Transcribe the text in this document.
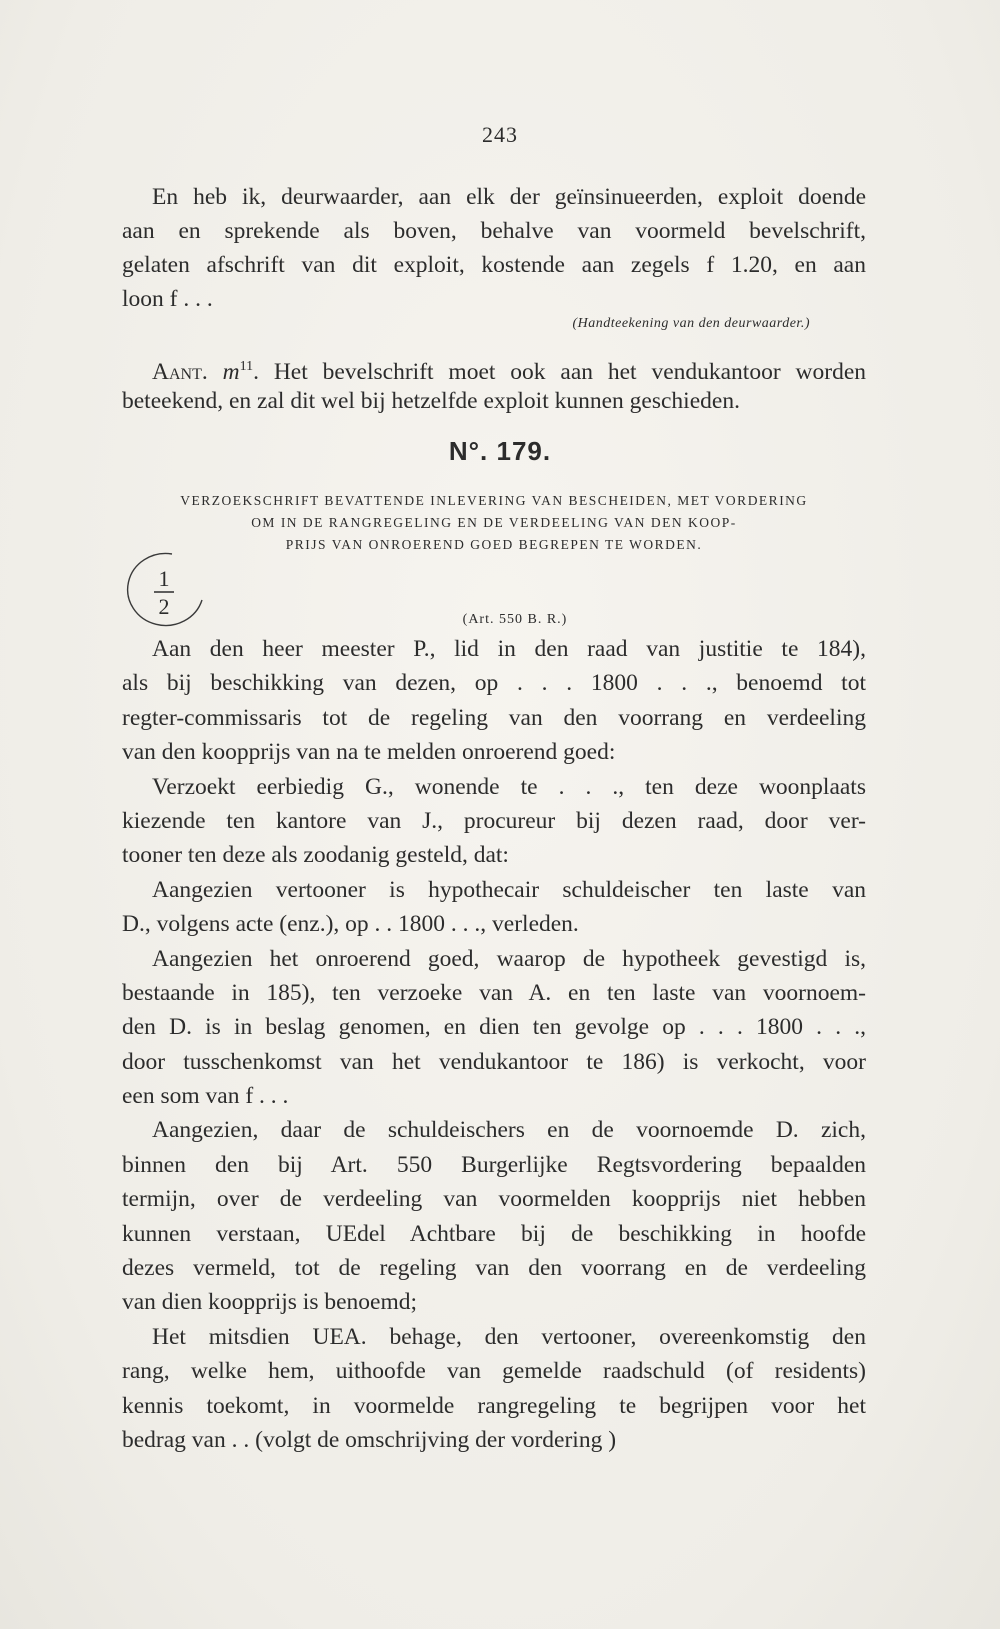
243
En heb ik, deurwaarder, aan elk der geïnsinueerden, exploit doende
aan en sprekende als boven, behalve van voormeld bevelschrift,
gelaten afschrift van dit exploit, kostende aan zegels f 1.20, en aan
loon f . . .
(Handteekening van den deurwaarder.)
Aant. $m^{11}$. Het bevelschrift moet ook aan het vendukantoor worden
beteekend, en zal dit wel bij hetzelfde exploit kunnen geschieden.
N°. 179.
VERZOEKSCHRIFT BEVATTENDE INLEVERING VAN BESCHEIDEN, MET VORDERING
OM IN DE RANGREGELING EN DE VERDEELING VAN DEN KOOP-
PRIJS VAN ONROEREND GOED BEGREPEN TE WORDEN.
1
2
(Art. 550 B. R.)
Aan den heer meester P., lid in den raad van justitie te 184),
als bij beschikking van dezen, op . . . 1800 . . ., benoemd tot
regter-commissaris tot de regeling van den voorrang en verdeeling
van den koopprijs van na te melden onroerend goed:
Verzoekt eerbiedig G., wonende te . . ., ten deze woonplaats
kiezende ten kantore van J., procureur bij dezen raad, door ver-
tooner ten deze als zoodanig gesteld, dat:
Aangezien vertooner is hypothecair schuldeischer ten laste van
D., volgens acte (enz.), op . . 1800 . . ., verleden.
Aangezien het onroerend goed, waarop de hypotheek gevestigd is,
bestaande in 185), ten verzoeke van A. en ten laste van voornoem-
den D. is in beslag genomen, en dien ten gevolge op . . . 1800 . . .,
door tusschenkomst van het vendukantoor te 186) is verkocht, voor
een som van f . . .
Aangezien, daar de schuldeischers en de voornoemde D. zich,
binnen den bij Art. 550 Burgerlijke Regtsvordering bepaalden
termijn, over de verdeeling van voormelden koopprijs niet hebben
kunnen verstaan, UEdel Achtbare bij de beschikking in hoofde
dezes vermeld, tot de regeling van den voorrang en de verdeeling
van dien koopprijs is benoemd;
Het mitsdien UEA. behage, den vertooner, overeenkomstig den
rang, welke hem, uithoofde van gemelde raadschuld (of residents)
kennis toekomt, in voormelde rangregeling te begrijpen voor het
bedrag van . . (volgt de omschrijving der vordering )
